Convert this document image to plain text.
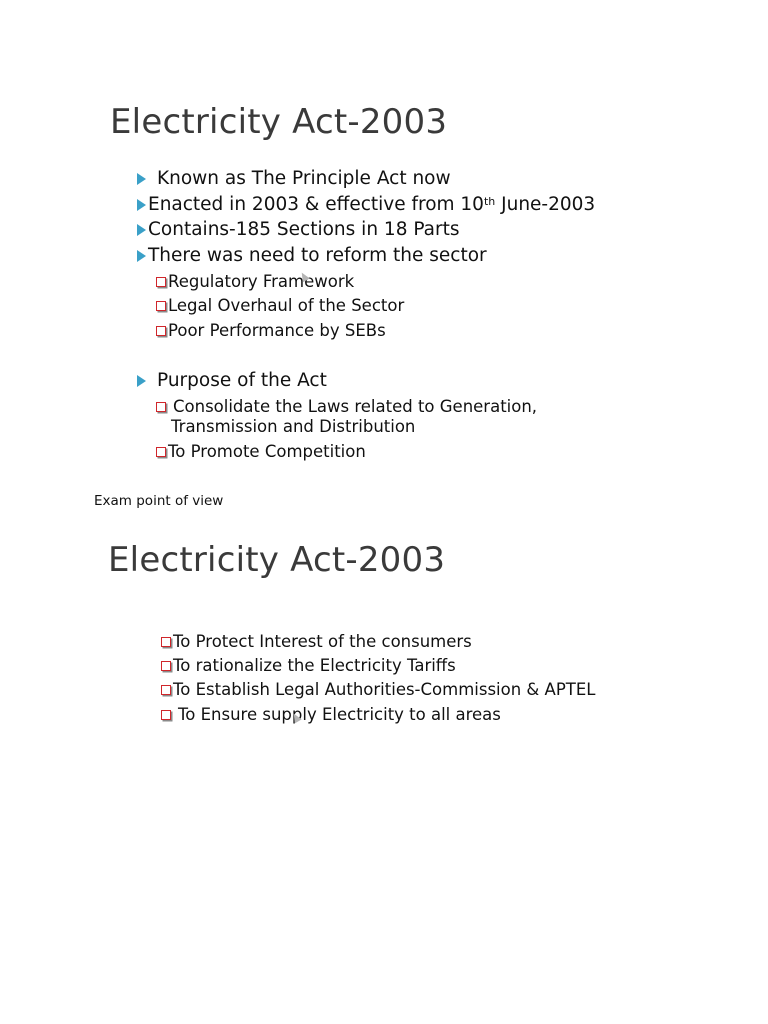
Electricity Act-2003
Known as The Principle Act now
Enacted in 2003 & effective from 10th June-2003
Contains-185 Sections in 18 Parts
There was need to reform the sector
Regulatory Framework
Legal Overhaul of the Sector
Poor Performance by SEBs
Purpose of the Act
Consolidate the Laws related to Generation,
Transmission and Distribution
To Promote Competition
Exam point of view
Electricity Act-2003
To Protect Interest of the consumers
To rationalize the Electricity Tariffs
To Establish Legal Authorities-Commission & APTEL
To Ensure supply Electricity to all areas
